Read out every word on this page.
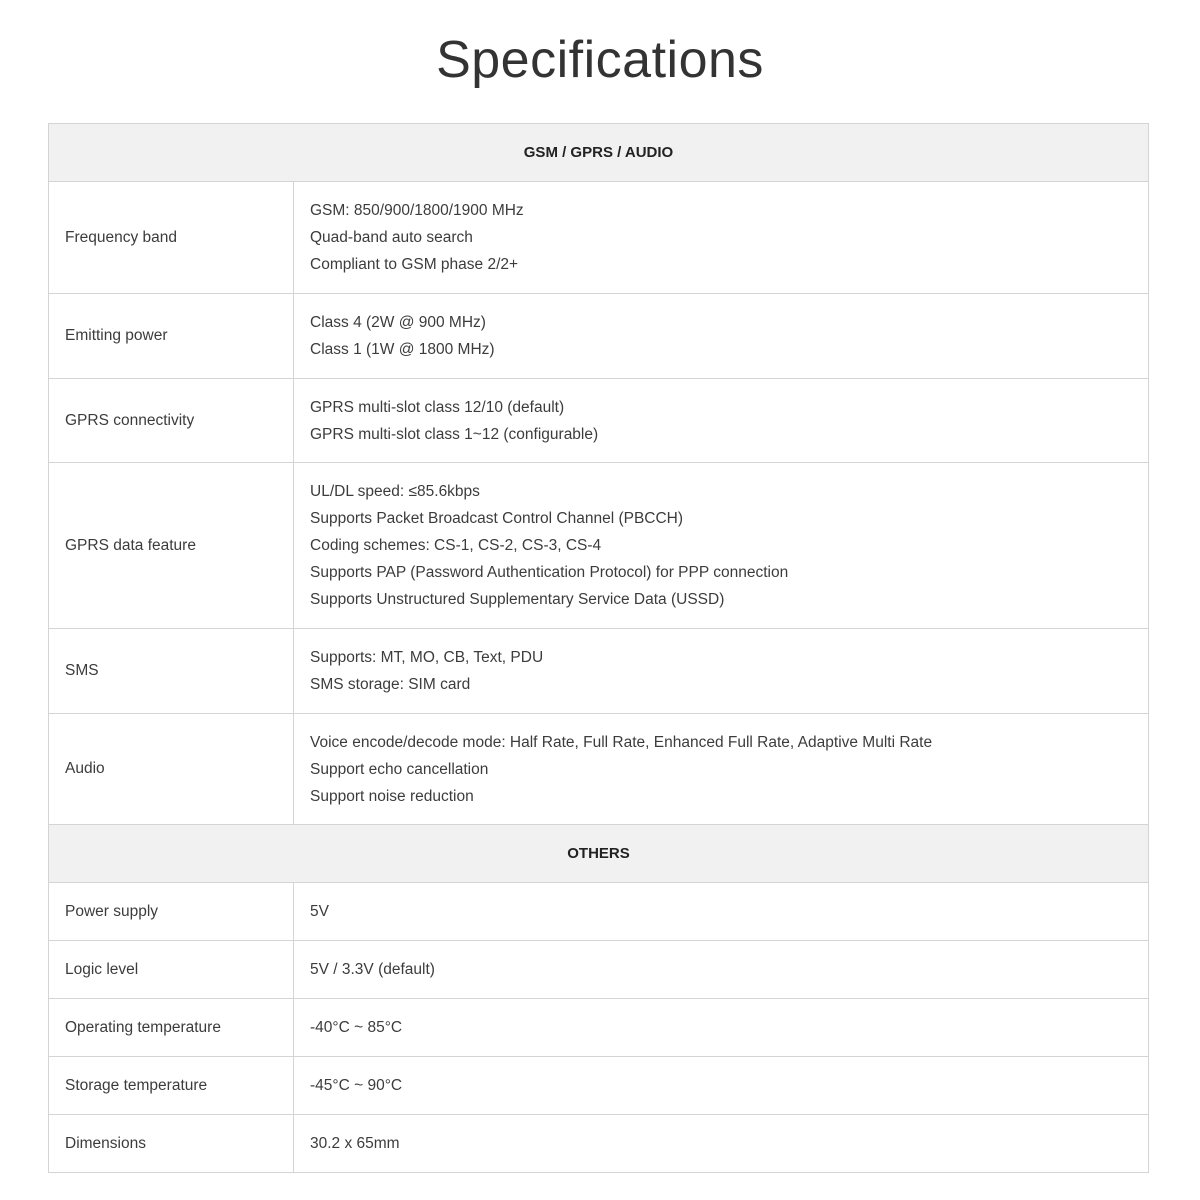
Specifications
GSM / GPRS / AUDIO	
Frequency band	GSM: 850/900/1800/1900 MHz
Quad-band auto search
Compliant to GSM phase 2/2+

Emitting power	Class 4 (2W @ 900 MHz)
Class 1 (1W @ 1800 MHz)

GPRS connectivity	GPRS multi-slot class 12/10 (default)
GPRS multi-slot class 1~12 (configurable)

GPRS data feature	UL/DL speed: ≤85.6kbps
Supports Packet Broadcast Control Channel (PBCCH)
Coding schemes: CS-1, CS-2, CS-3, CS-4
Supports PAP (Password Authentication Protocol) for PPP connection
Supports Unstructured Supplementary Service Data (USSD)

SMS	Supports: MT, MO, CB, Text, PDU
SMS storage: SIM card

Audio	Voice encode/decode mode: Half Rate, Full Rate, Enhanced Full Rate, Adaptive Multi Rate
Support echo cancellation
Support noise reduction

OTHERS	
Power supply	5V
Logic level	5V / 3.3V (default)
Operating temperature	-40°C ~ 85°C
Storage temperature	-45°C ~ 90°C
Dimensions	30.2 x 65mm
